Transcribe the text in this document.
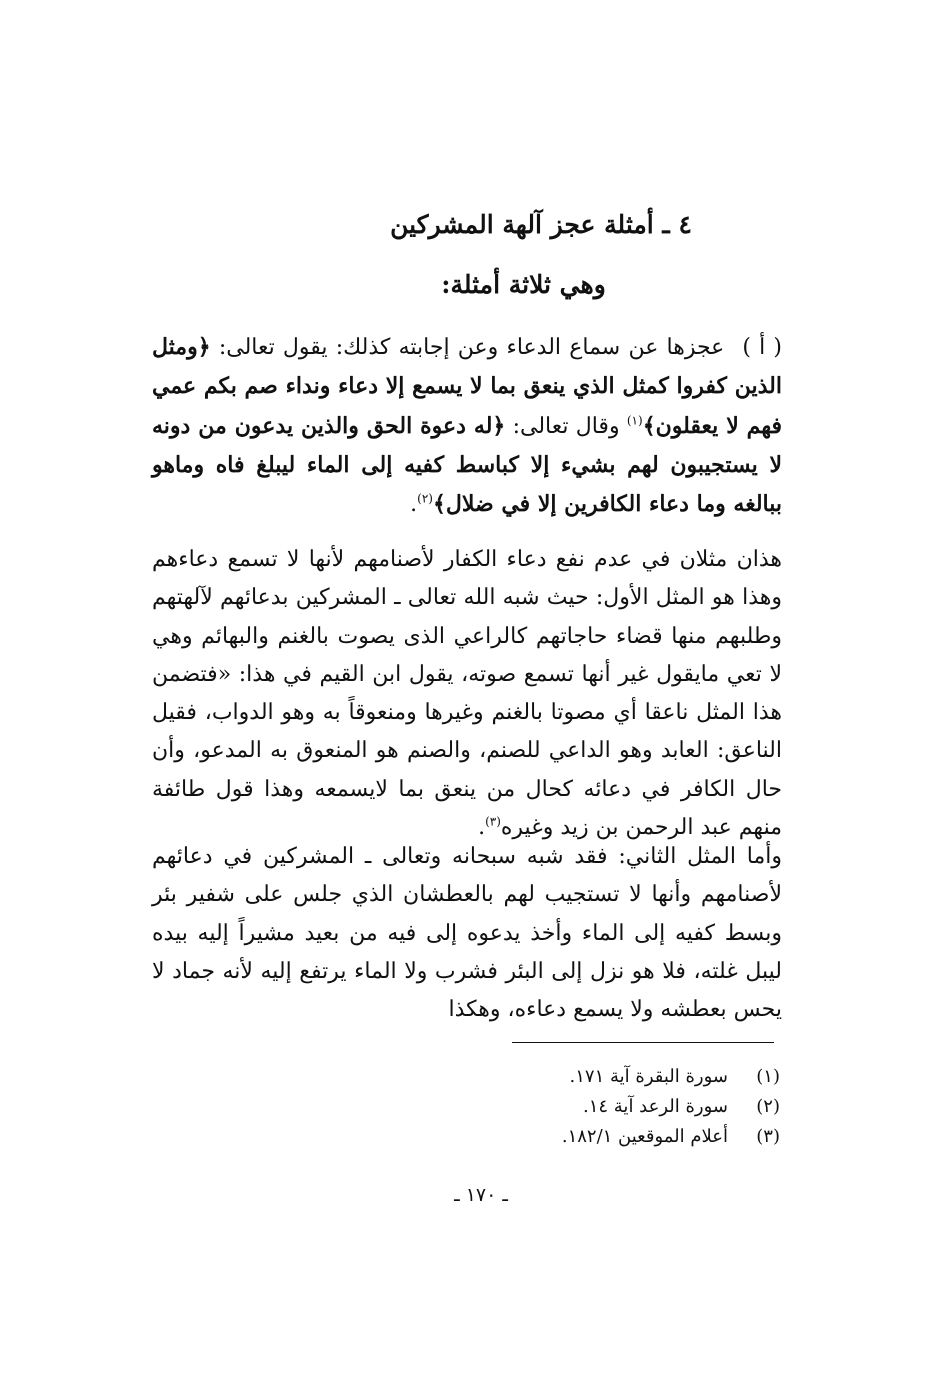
٤ ـ أمثلة عجز آلهة المشركين
وهي ثلاثة أمثلة:

( أ )عجزها عن سماع الدعاء وعن إجابته كذلك: يقول تعالى: ﴿ومثل الذين كفروا كمثل الذي ينعق بما لا يسمع إلا دعاء ونداء صم بكم عمي فهم لا يعقلون﴾$^{(١)}$ وقال تعالى: ﴿له دعوة الحق والذين يدعون من دونه لا يستجيبون لهم بشيء إلا كباسط كفيه إلى الماء ليبلغ فاه وماهو ببالغه وما دعاء الكافرين إلا في ضلال﴾$^{(٢)}$.

هذان مثلان في عدم نفع دعاء الكفار لأصنامهم لأنها لا تسمع دعاءهم وهذا هو المثل الأول: حيث شبه الله تعالى ـ المشركين بدعائهم لآلهتهم وطلبهم منها قضاء حاجاتهم كالراعي الذى يصوت بالغنم والبهائم وهي لا تعي مايقول غير أنها تسمع صوته، يقول ابن القيم في هذا: «فتضمن هذا المثل ناعقا أي مصوتا بالغنم وغيرها ومنعوقاً به وهو الدواب، فقيل الناعق: العابد وهو الداعي للصنم، والصنم هو المنعوق به المدعو، وأن حال الكافر في دعائه كحال من ينعق بما لايسمعه وهذا قول طائفة منهم عبد الرحمن بن زيد وغيره$^{(٣)}$.

وأما المثل الثاني: فقد شبه سبحانه وتعالى ـ المشركين في دعائهم لأصنامهم وأنها لا تستجيب لهم بالعطشان الذي جلس على شفير بئر وبسط كفيه إلى الماء وأخذ يدعوه إلى فيه من بعيد مشيراً إليه بيده ليبل غلته، فلا هو نزل إلى البئر فشرب ولا الماء يرتفع إليه لأنه جماد لا يحس بعطشه ولا يسمع دعاءه، وهكذا

(١)سورة البقرة آية ١٧١.
(٢)سورة الرعد آية ١٤.
(٣)أعلام الموقعين ١٨٢/١.
ـ ١٧٠ ـ
